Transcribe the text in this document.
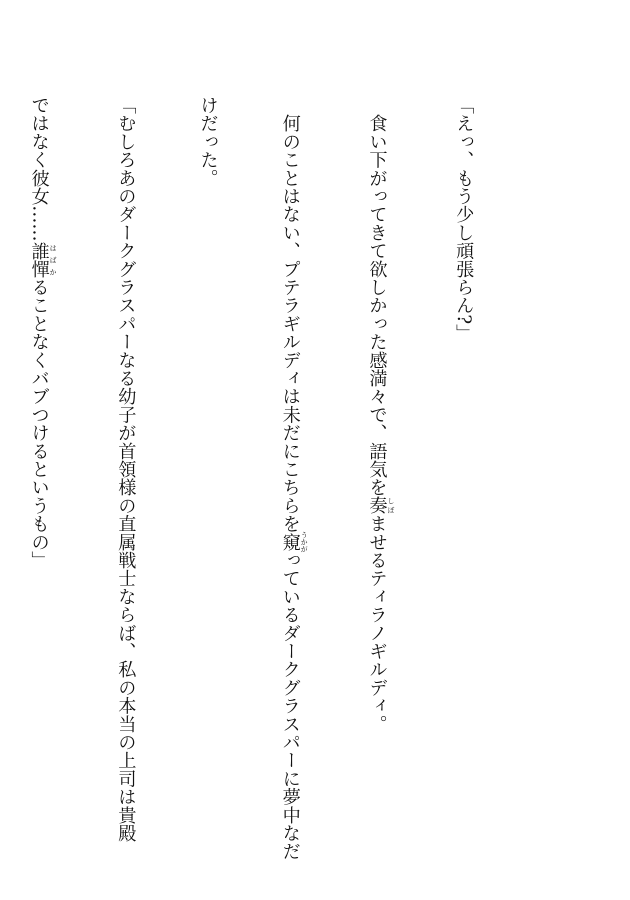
「えっ、もう少し頑張らん?」

　食い下がってきて欲しかった感満々で、語気を奏 しぼませるティラノギルディ。

　何のことはない、プテラギルディは未だにこちらを窺 うかがっているダークグラスパーに夢中なだ

けだった。

「むしろあのダークグラスパーなる幼子が首領様の直属戦士ならば、私の本当の上司は貴殿

ではなく彼女……誰憚 はばかることなくバブつけるというもの」
